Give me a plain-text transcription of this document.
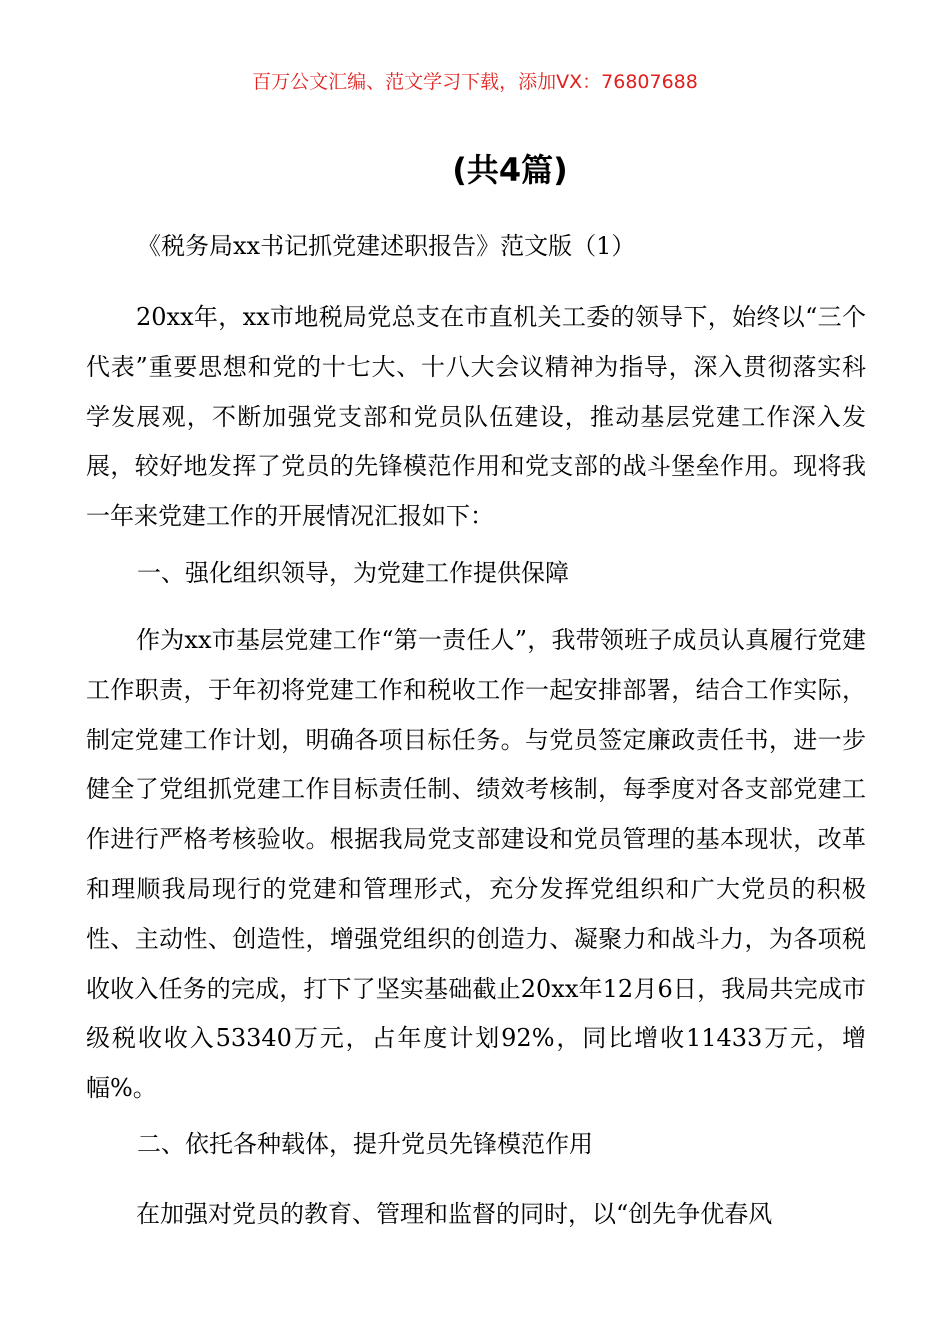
百万公文汇编、范文学习下载，添加VX：76807688
(共4篇)
《税务局xx书记抓党建述职报告》范文版（1）

20xx年，xx市地税局党总支在市直机关工委的领导下，始终以“三个代表”重要思想和党的十七大、十八大会议精神为指导，深入贯彻落实科学发展观，不断加强党支部和党员队伍建设，推动基层党建工作深入发展，较好地发挥了党员的先锋模范作用和党支部的战斗堡垒作用。现将我一年来党建工作的开展情况汇报如下：

一、强化组织领导，为党建工作提供保障

作为xx市基层党建工作“第一责任人”，我带领班子成员认真履行党建工作职责，于年初将党建工作和税收工作一起安排部署，结合工作实际，制定党建工作计划，明确各项目标任务。与党员签定廉政责任书，进一步健全了党组抓党建工作目标责任制、绩效考核制，每季度对各支部党建工作进行严格考核验收。根据我局党支部建设和党员管理的基本现状，改革和理顺我局现行的党建和管理形式，充分发挥党组织和广大党员的积极性、主动性、创造性，增强党组织的创造力、凝聚力和战斗力，为各项税收收入任务的完成，打下了坚实基础截止20xx年12月6日，我局共完成市级税收收入53340万元，占年度计划92%，同比增收11433万元，增幅%。

二、依托各种载体，提升党员先锋模范作用

在加强对党员的教育、管理和监督的同时，以“创先争优春风
